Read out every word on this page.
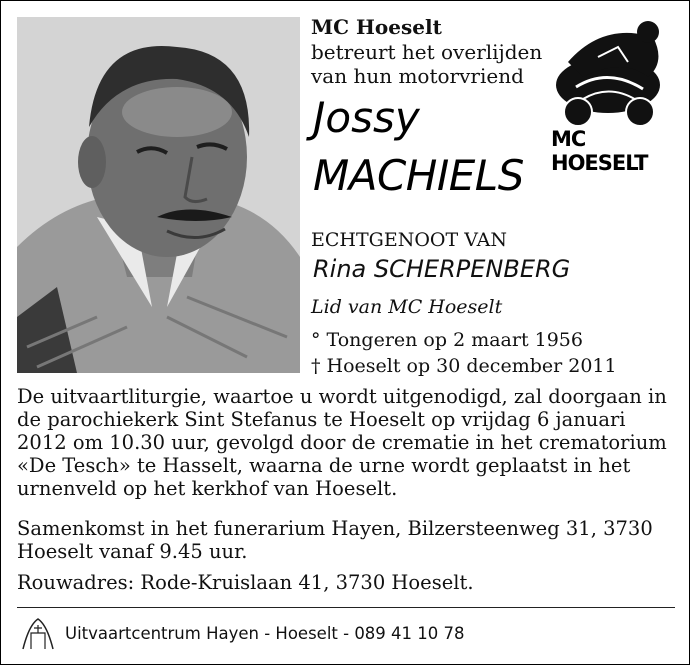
MC Hoeselt
betreurt het overlijden
van hun motorvriend
Jossy
MACHIELS
MC HOESELT
ECHTGENOOT VAN
Rina SCHERPENBERG
Lid van MC Hoeselt
° Tongeren op 2 maart 1956
† Hoeselt op 30 december 2011
De uitvaartliturgie, waartoe u wordt uitgenodigd, zal doorgaan in de parochiekerk Sint Stefanus te Hoeselt op vrijdag 6 januari 2012 om 10.30 uur, gevolgd door de crematie in het crematorium «De Tesch» te Hasselt, waarna de urne wordt geplaatst in het urnenveld op het kerkhof van Hoeselt.
Samenkomst in het funerarium Hayen, Bilzersteenweg 31, 3730 Hoeselt vanaf 9.45 uur.
Rouwadres: Rode-Kruislaan 41, 3730 Hoeselt.
Uitvaartcentrum Hayen - Hoeselt - 089 41 10 78
